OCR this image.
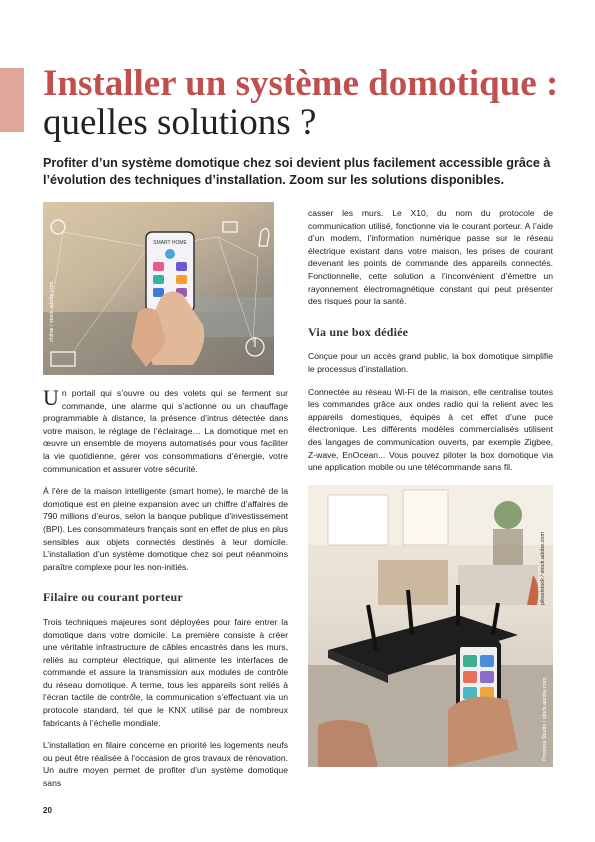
Installer un système domotique : quelles solutions ?

Profiter d’un système domotique chez soi devient plus facilement accessible grâce à l’évolution des techniques d’installation. Zoom sur les solutions disponibles.

SMART HOME
zhihai / stock.adobe.com

Un portail qui s’ouvre ou des volets qui se ferment sur commande, une alarme qui s’actionne ou un chauffage programmable à distance, la présence d’intrus détectée dans votre maison, le réglage de l’éclairage… La domotique met en œuvre un ensemble de moyens automatisés pour vous faciliter la vie quotidienne, gérer vos consommations d’énergie, votre communication et assurer votre sécurité.

À l’ère de la maison intelligente (smart home), le marché de la domotique est en pleine expansion avec un chiffre d’affaires de 790 millions d’euros, selon la banque publique d’investissement (BPI). Les consommateurs français sont en effet de plus en plus sensibles aux objets connectés destinés à leur domicile. L’installation d’un système domotique chez soi peut néanmoins paraître complexe pour les non-initiés.

Filaire ou courant porteur

Trois techniques majeures sont déployées pour faire entrer la domotique dans votre domicile. La première consiste à créer une véritable infrastructure de câbles encastrés dans les murs, reliés au compteur électrique, qui alimente les interfaces de commande et assure la transmission aux modules de contrôle du réseau domotique. A terme, tous les appareils sont reliés à l’écran tactile de contrôle, la communication s’effectuant via un protocole standard, tel que le KNX utilisé par de nombreux fabricants à l’échelle mondiale.

L’installation en filaire concerne en priorité les logements neufs ou peut être réalisée à l’occasion de gros travaux de rénovation. Un autre moyen permet de profiter d’un système domotique sans

casser les murs. Le X10, du nom du protocole de communication utilisé, fonctionne via le courant porteur. A l’aide d’un modem, l’information numérique passe sur le réseau électrique existant dans votre maison, les prises de courant devenant les points de commande des appareils connectés. Fonctionnelle, cette solution a l’inconvénient d’émettre un rayonnement électromagnétique constant qui peut présenter des risques pour la santé.

Via une box dédiée

Conçue pour un accès grand public, la box domotique simplifie le processus d’installation.

Connectée au réseau Wi-Fi de la maison, elle centralise toutes les commandes grâce aux ondes radio qui la relient avec les appareils domestiques, équipés à cet effet d’une puce électronique. Les différents modèles commercialisés utilisent des langages de communication ouverts, par exemple Zigbee, Z-wave, EnOcean... Vous pouvez piloter la box domotique via une application mobile ou une télécommande sans fil.

pikselstock / stock.adobe.com
Proxima Studio / stock.adobe.com
20
